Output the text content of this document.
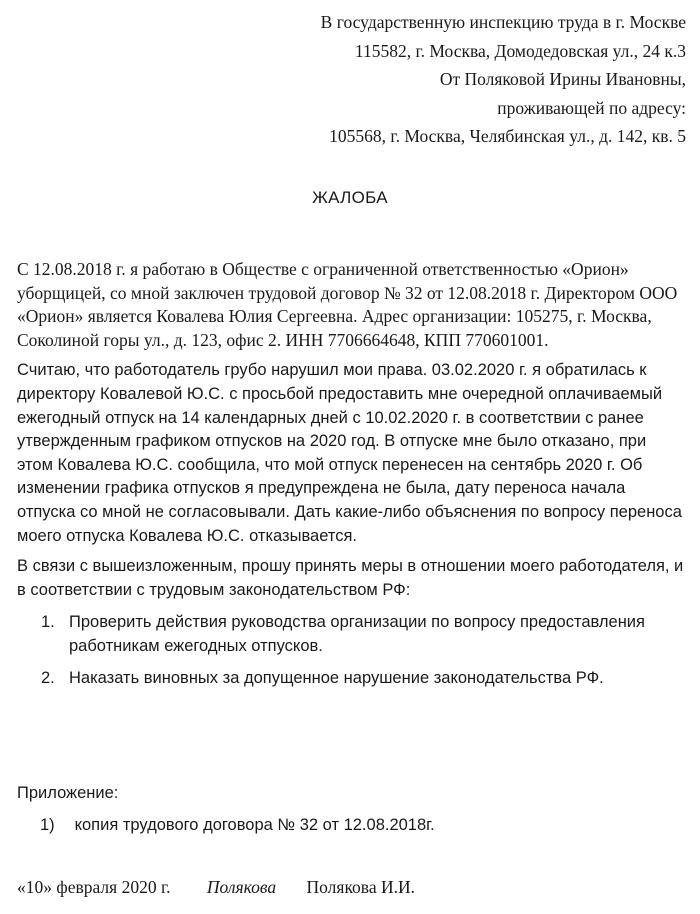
В государственную инспекцию труда в г. Москве
115582, г. Москва, Домодедовская ул., 24 к.3
От Поляковой Ирины Ивановны,
проживающей по адресу:
105568, г. Москва, Челябинская ул., д. 142, кв. 5
ЖАЛОБА

С 12.08.2018 г. я работаю в Обществе с ограниченной ответственностью «Орион» уборщицей, со мной заключен трудовой договор № 32 от 12.08.2018 г. Директором ООО «Орион» является Ковалева Юлия Сергеевна. Адрес организации: 105275, г. Москва, Соколиной горы ул., д. 123, офис 2. ИНН 7706664648, КПП 770601001.

Считаю, что работодатель грубо нарушил мои права. 03.02.2020 г. я обратилась к директору Ковалевой Ю.С. с просьбой предоставить мне очередной оплачиваемый ежегодный отпуск на 14 календарных дней с 10.02.2020 г. в соответствии с ранее утвержденным графиком отпусков на 2020 год. В отпуске мне было отказано, при этом Ковалева Ю.С. сообщила, что мой отпуск перенесен на сентябрь 2020 г. Об изменении графика отпусков я предупреждена не была, дату переноса начала отпуска со мной не согласовывали. Дать какие-либо объяснения по вопросу переноса моего отпуска Ковалева Ю.С. отказывается.

В связи с вышеизложенным, прошу принять меры в отношении моего работодателя, и в соответствии с трудовым законодательством РФ:

1. Проверить действия руководства организации по вопросу предоставления работникам ежегодных отпусков.
2. Наказать виновных за допущенное нарушение законодательства РФ.
Приложение:
1) копия трудового договора № 32 от 12.08.2018г.
«10» февраля 2020 г. Полякова Полякова И.И.
